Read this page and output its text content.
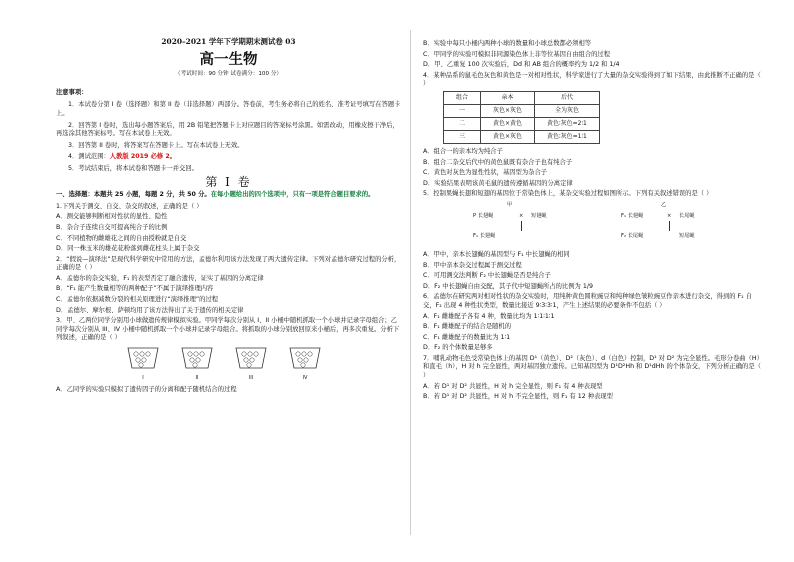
2020–2021 学年下学期期末测试卷 03
高一生物
（考试时间：90 分钟 试卷满分：100 分）
注意事项：
1．本试卷分第 I 卷（选择题）和第 II 卷（非选择题）两部分。答卷前，考生务必将自己的姓名、准考证号填写在答题卡上。
2．回答第 I 卷时，选出每小题答案后，用 2B 铅笔把答题卡上对应题目的答案标号涂黑。如需改动，用橡皮擦干净后，再选涂其他答案标号。写在本试卷上无效。
3．回答第 II 卷时，将答案写在答题卡上。写在本试卷上无效。
4．测试范围：人教版 2019 必修 2。
5．考试结束后，将本试卷和答题卡一并交回。
第 I 卷
一、选择题：本题共 25 小题，每题 2 分，共 50 分。在每小题给出的四个选项中，只有一项是符合题目要求的。
1.下列关于测交、自交、杂交的叙述，正确的是（ ）
A．测交能够判断相对性状的显性、隐性
B．杂合子连续自交可提高纯合子的比例
C．不同植物的雌雄花之间的自由授粉就是自交
D．同一株玉米的雄花花粉落到雌花柱头上属于杂交
2．“假说—演绎法”是现代科学研究中常用的方法，孟德尔利用该方法发现了两大遗传定律。下列对孟德尔研究过程的分析，正确的是（ ）
A．孟德尔的杂交实验，F₁ 的表型否定了融合遗传，证实了基因的分离定律
B．“F₁ 能产生数量相等的两种配子”不属于演绎推理内容
C．孟德尔依据减数分裂的相关原理进行“演绎推理”的过程
D．孟德尔、摩尔根、萨顿均用了该方法得出了关于遗传的相关定律
3．甲、乙两位同学分别用小球做遗传规律模拟实验。甲同学每次分别从 I、II 小桶中随机抓取一个小球并记录字母组合；乙同学每次分别从 III、IV 小桶中随机抓取一个小球并记录字母组合。将抓取的小球分别放回原来小桶后，再多次重复。分析下列叙述，正确的是（ ）
I	II	III	IV
A．乙同学的实验只模拟了遗传因子的分离和配子随机结合的过程
B．实验中每只小桶内两种小球的数量和小球总数都必须相等
C．甲同学的实验可模拟非同源染色体上非等位基因自由组合的过程
D．甲、乙重复 100 次实验后，Dd 和 AB 组合的概率约为 1/2 和 1/4
4．某种品系的鼠毛色灰色和黄色是一对相对性状，科学家进行了大量的杂交实验得到了如下结果，由此推断不正确的是（ ）
组合	亲本	后代
一	灰色×灰色	全为灰色
二	黄色×黄色	黄色∶灰色=2∶1
三	黄色×灰色	黄色∶灰色=1∶1
A．组合一的亲本均为纯合子
B．组合二杂交后代中的黄色鼠既有杂合子也有纯合子
C．黄色对灰色为显性性状，基因型为杂合子
D．实验结果表明该黄毛鼠的遗传遵循基因的分离定律
5．控制果蝇长翅和短翅的基因位于常染色体上，某杂交实验过程如图所示。下列有关叙述错误的是（ ）
甲	乙
P 长翅蝇	× 短翅蝇	F₁ 长翅蝇	× 长尾蝇
F₁ 长翅蝇	F₂ 长尾蝇	短尾蝇
A．甲中，亲本长翅蝇的基因型与 F₁ 中长翅蝇的相同
B．甲中亲本杂交过程属于测交过程
C．可用测交法判断 F₂ 中长翅蝇是否是纯合子
D．F₂ 中长翅蝇自由交配，其子代中短翅蝇所占的比例为 1/9
6．孟德尔在研究两对相对性状的杂交实验时，用纯种黄色圆粒豌豆和纯种绿色皱粒豌豆作亲本进行杂交，得到的 F₁ 自交，F₂ 出现 4 种性状类型，数量比接近 9∶3∶3∶1，产生上述结果的必要条件不包括（ ）
A．F₁ 雌雄配子各有 4 种，数量比均为 1∶1∶1∶1
B．F₁ 雌雄配子的结合是随机的
C．F₁ 雌雄配子的数量比为 1∶1
D．F₂ 的个体数量足够多
7．哺乳动物毛色受常染色体上的基因 D¹（黄色）、D²（灰色）、d（白色）控制，D¹ 对 D² 为完全显性。毛形分卷曲（H）和直毛（h），H 对 h 完全显性，两对基因独立遗传。已知基因型为 D¹D²Hh 和 D¹dHh 的个体杂交，下列分析正确的是（ ）
A．若 D¹ 对 D² 共显性，H 对 h 完全显性，则 F₁ 有 4 种表现型
B．若 D¹ 对 D² 共显性，H 对 h 不完全显性，则 F₁ 有 12 种表现型
